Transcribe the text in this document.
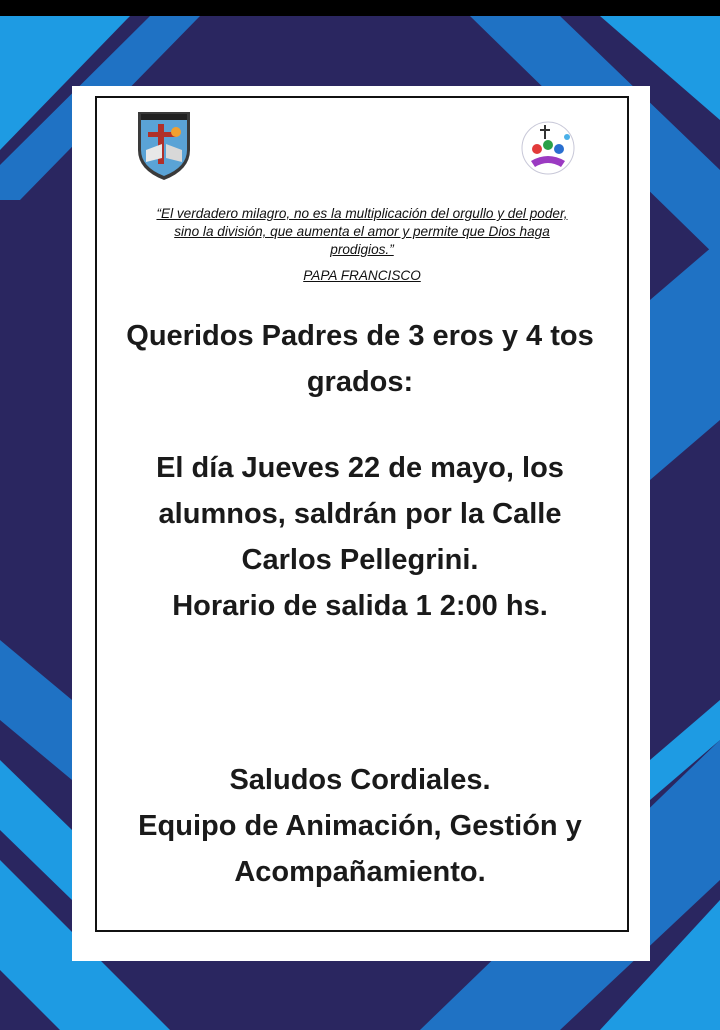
“El verdadero milagro, no es la multiplicación del orgullo y del poder,
sino la división, que aumenta el amor y permite que Dios haga
prodigios.”
PAPA FRANCISCO
Queridos Padres de 3 eros y 4 tos
grados:
El día Jueves 22 de mayo, los
alumnos, saldrán por la Calle
Carlos Pellegrini.
Horario de salida 1 2:00 hs.
Saludos Cordiales.
Equipo de Animación, Gestión y
Acompañamiento.
